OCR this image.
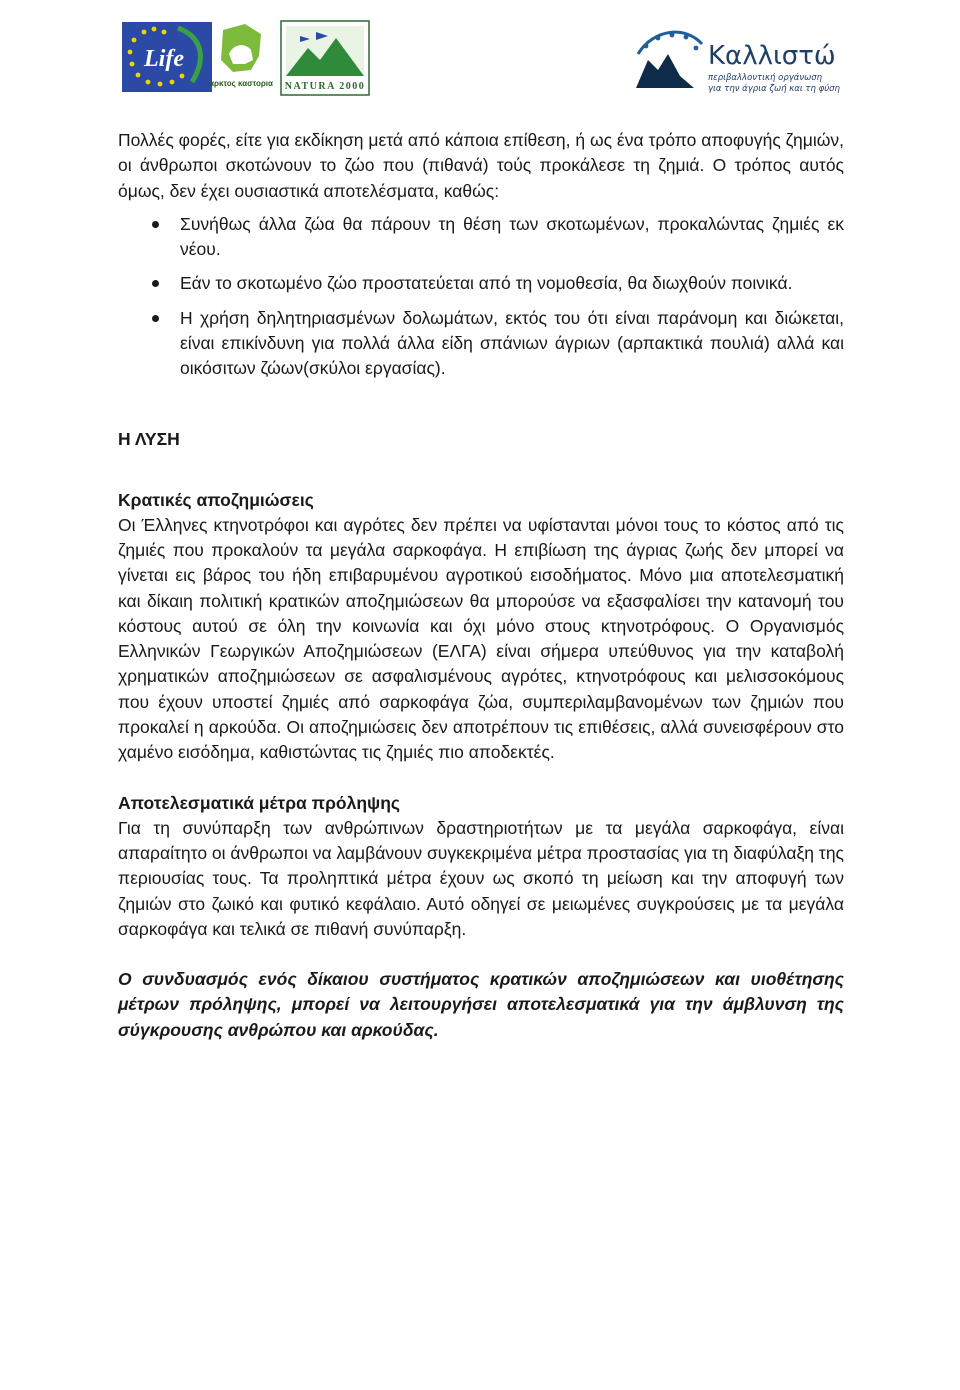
Life
αρκτος καστορια NATURA 2000
Καλλιστώ
περιβαλλοντική οργάνωση
για την άγρια ζωή και τη φύση

Πολλές φορές, είτε για εκδίκηση μετά από κάποια επίθεση, ή ως ένα τρόπο αποφυγής ζημιών, οι άνθρωποι σκοτώνουν το ζώο που (πιθανά) τούς προκάλεσε τη ζημιά. Ο τρόπος αυτός όμως, δεν έχει ουσιαστικά αποτελέσματα, καθώς:

Συνήθως άλλα ζώα θα πάρουν τη θέση των σκοτωμένων, προκαλώντας ζημιές εκ νέου.
Εάν το σκοτωμένο ζώο προστατεύεται από τη νομοθεσία, θα διωχθούν ποινικά.
Η χρήση δηλητηριασμένων δολωμάτων, εκτός του ότι είναι παράνομη και διώκεται, είναι επικίνδυνη για πολλά άλλα είδη σπάνιων άγριων (αρπακτικά πουλιά) αλλά και οικόσιτων ζώων(σκύλοι εργασίας).
Η ΛΥΣΗ
Κρατικές αποζημιώσεις

Οι Έλληνες κτηνοτρόφοι και αγρότες δεν πρέπει να υφίστανται μόνοι τους το κόστος από τις ζημιές που προκαλούν τα μεγάλα σαρκοφάγα. Η επιβίωση της άγριας ζωής δεν μπορεί να γίνεται εις βάρος του ήδη επιβαρυμένου αγροτικού εισοδήματος. Μόνο μια αποτελεσματική και δίκαιη πολιτική κρατικών αποζημιώσεων θα μπορούσε να εξασφαλίσει την κατανομή του κόστους αυτού σε όλη την κοινωνία και όχι μόνο στους κτηνοτρόφους. Ο Οργανισμός Ελληνικών Γεωργικών Αποζημιώσεων (ΕΛΓΑ) είναι σήμερα υπεύθυνος για την καταβολή χρηματικών αποζημιώσεων σε ασφαλισμένους αγρότες, κτηνοτρόφους και μελισσοκόμους που έχουν υποστεί ζημιές από σαρκοφάγα ζώα, συμπεριλαμβανομένων των ζημιών που προκαλεί η αρκούδα. Οι αποζημιώσεις δεν αποτρέπουν τις επιθέσεις, αλλά συνεισφέρουν στο χαμένο εισόδημα, καθιστώντας τις ζημιές πιο αποδεκτές.

Αποτελεσματικά μέτρα πρόληψης

Για τη συνύπαρξη των ανθρώπινων δραστηριοτήτων με τα μεγάλα σαρκοφάγα, είναι απαραίτητο οι άνθρωποι να λαμβάνουν συγκεκριμένα μέτρα προστασίας για τη διαφύλαξη της περιουσίας τους. Τα προληπτικά μέτρα έχουν ως σκοπό τη μείωση και την αποφυγή των ζημιών στο ζωικό και φυτικό κεφάλαιο. Αυτό οδηγεί σε μειωμένες συγκρούσεις με τα μεγάλα σαρκοφάγα και τελικά σε πιθανή συνύπαρξη.

Ο συνδυασμός ενός δίκαιου συστήματος κρατικών αποζημιώσεων και υιοθέτησης μέτρων πρόληψης, μπορεί να λειτουργήσει αποτελεσματικά για την άμβλυνση της σύγκρουσης ανθρώπου και αρκούδας.
